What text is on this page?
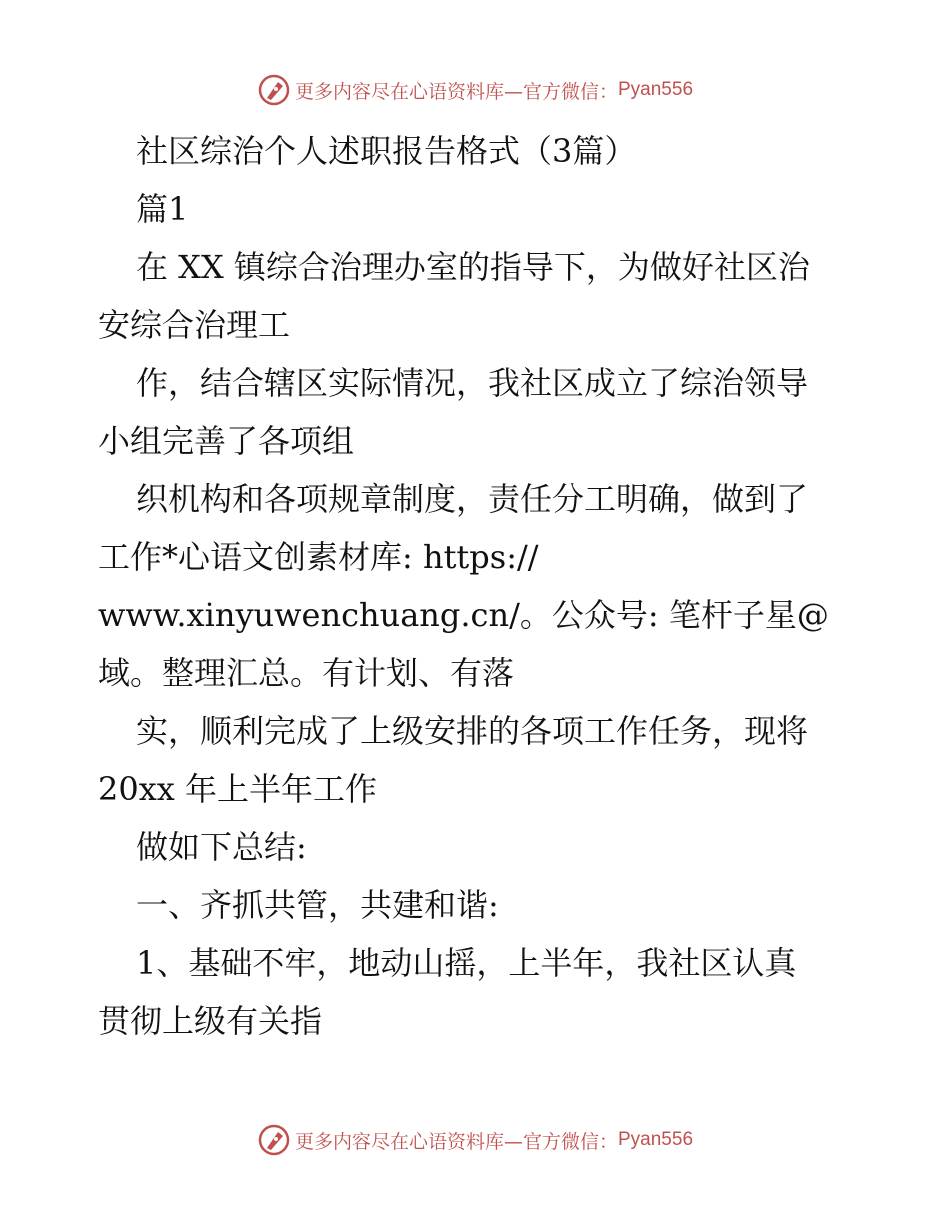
更多内容尽在心语资料库—官方微信： Pyan556
社区综治个人述职报告格式（3篇）
篇1
在 XX 镇综合治理办室的指导下，为做好社区治
安综合治理工
作，结合辖区实际情况，我社区成立了综治领导
小组完善了各项组
织机构和各项规章制度，责任分工明确，做到了
工作*心语文创素材库: https://
www.xinyuwenchuang.cn/。公众号: 笔杆子星@
域。整理汇总。有计划、有落
实，顺利完成了上级安排的各项工作任务，现将
20xx 年上半年工作
做如下总结:
一、齐抓共管，共建和谐:
1、基础不牢，地动山摇，上半年，我社区认真
贯彻上级有关指
更多内容尽在心语资料库—官方微信： Pyan556
